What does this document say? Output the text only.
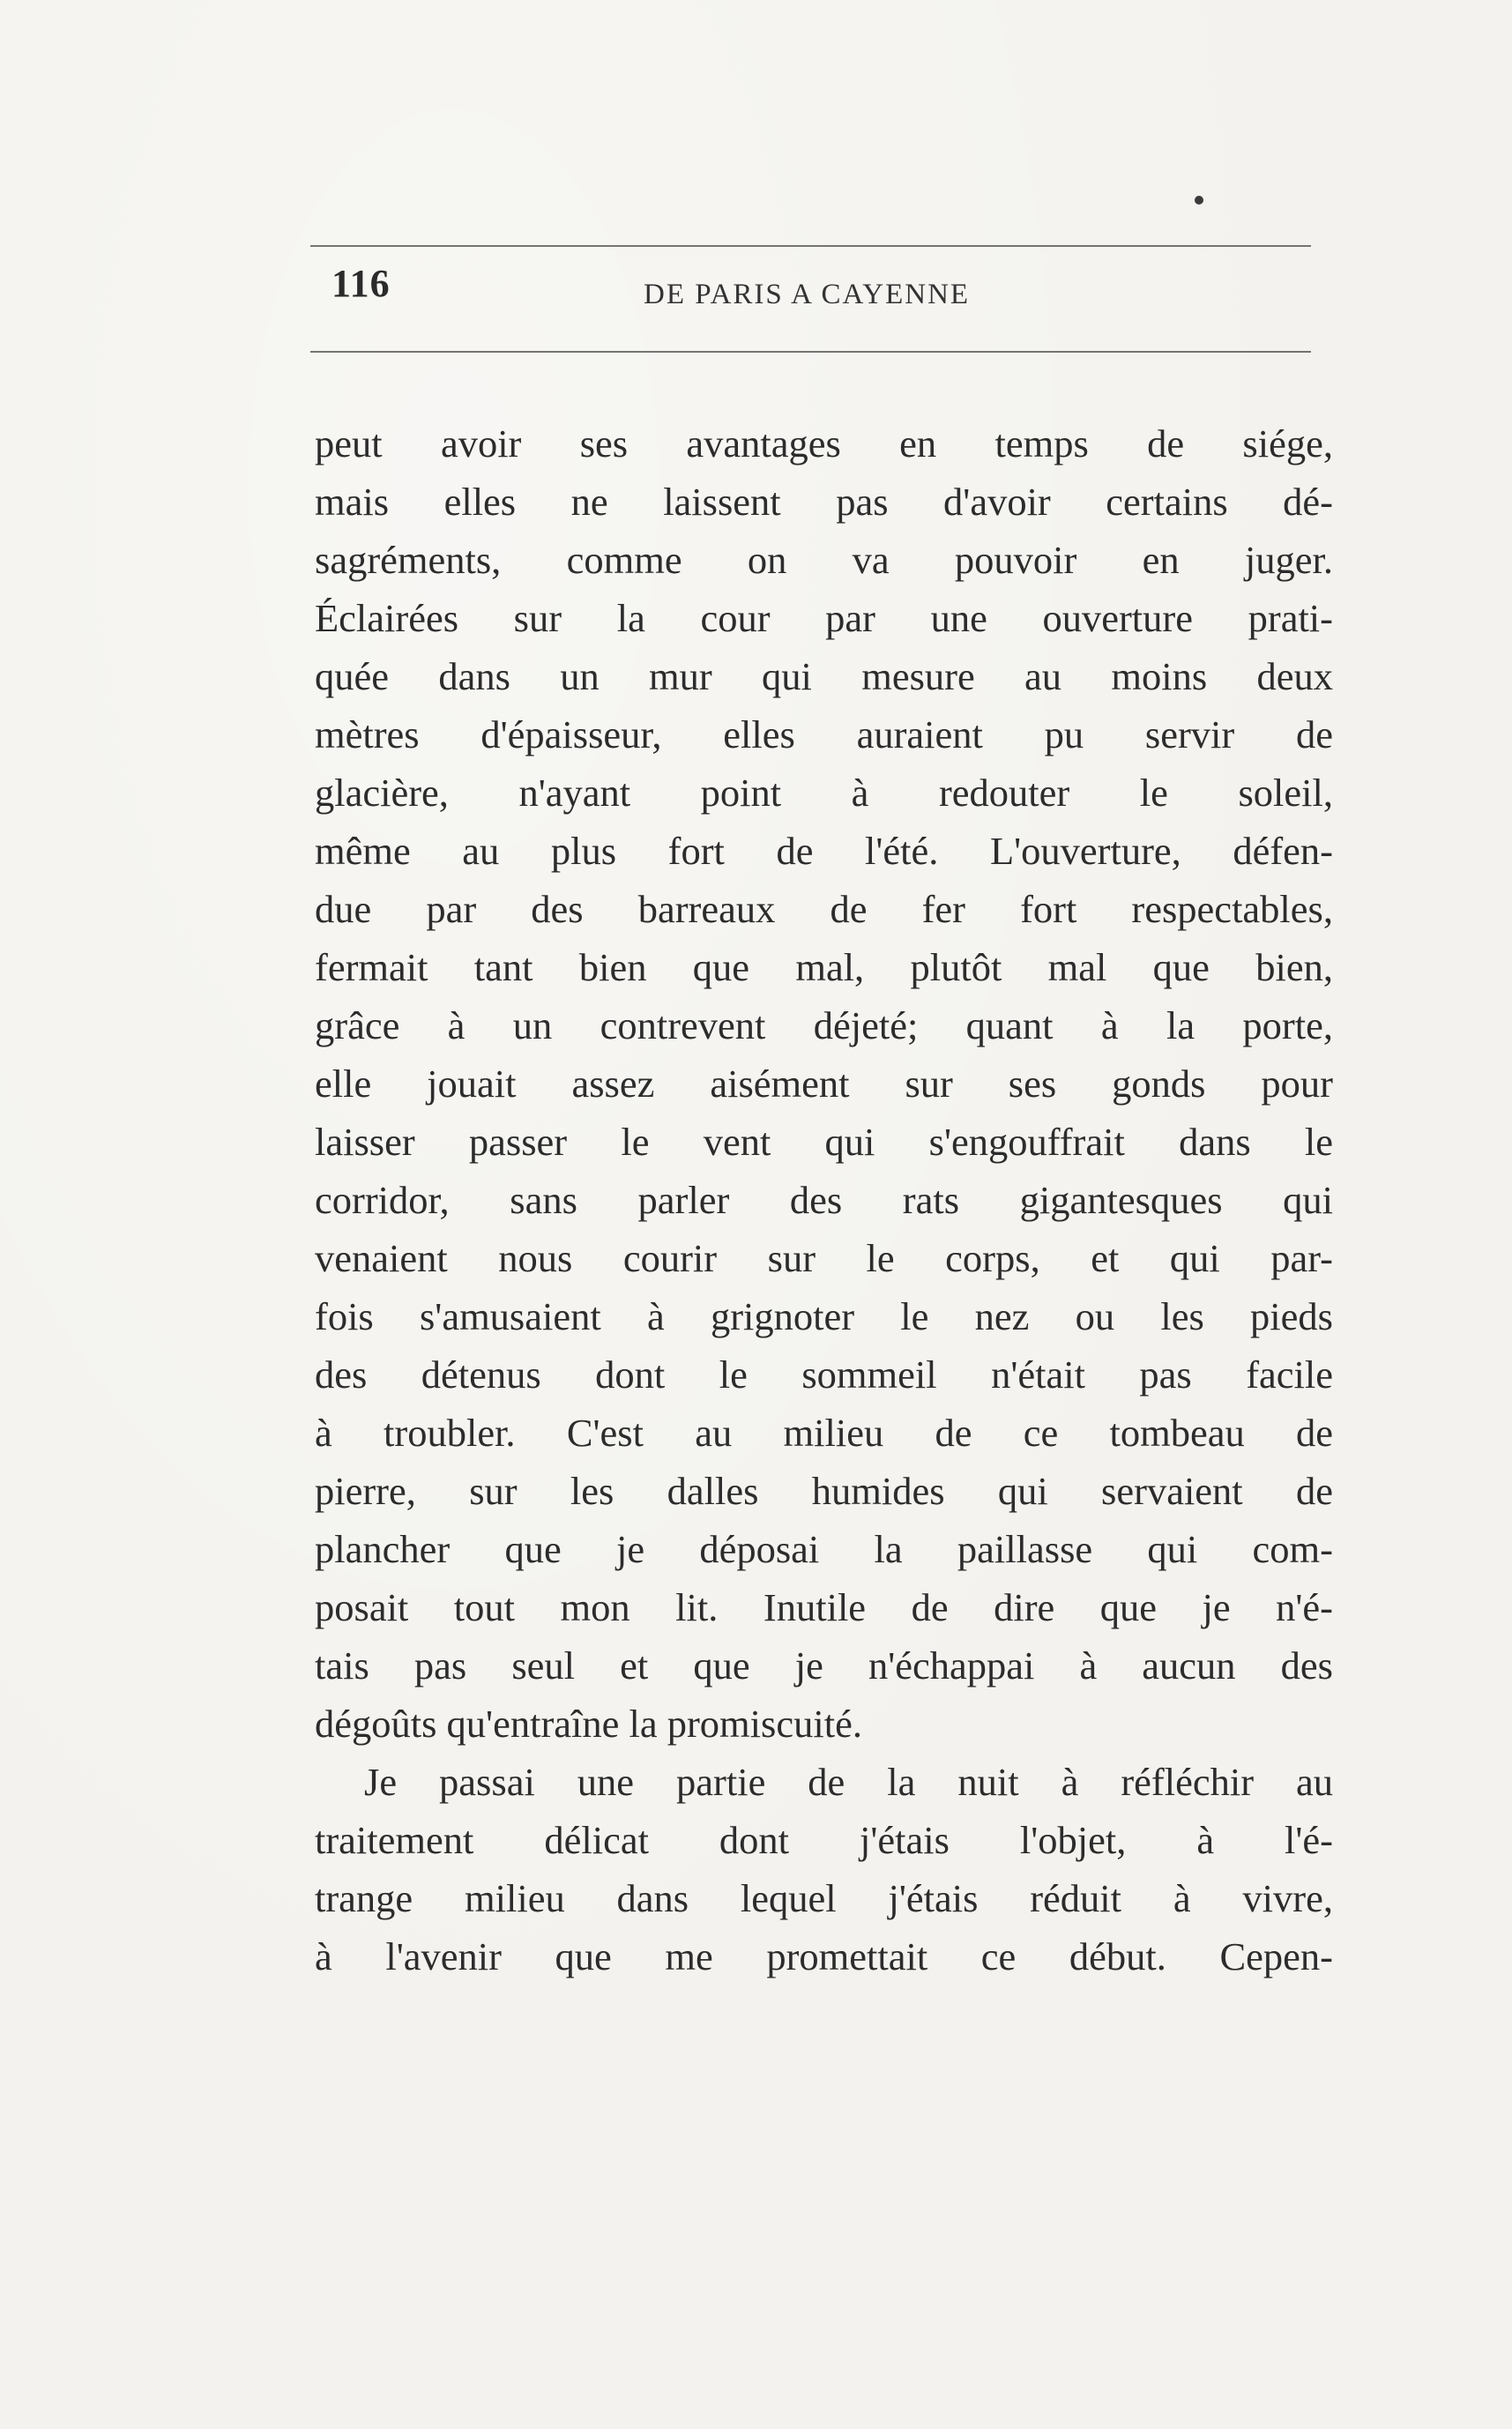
116	DE PARIS A CAYENNE
peut avoir ses avantages en temps de siége,
mais elles ne laissent pas d'avoir certains dé-
sagréments, comme on va pouvoir en juger.
Éclairées sur la cour par une ouverture prati-
quée dans un mur qui mesure au moins deux
mètres d'épaisseur, elles auraient pu servir de
glacière, n'ayant point à redouter le soleil,
même au plus fort de l'été. L'ouverture, défen-
due par des barreaux de fer fort respectables,
fermait tant bien que mal, plutôt mal que bien,
grâce à un contrevent déjeté; quant à la porte,
elle jouait assez aisément sur ses gonds pour
laisser passer le vent qui s'engouffrait dans le
corridor, sans parler des rats gigantesques qui
venaient nous courir sur le corps, et qui par-
fois s'amusaient à grignoter le nez ou les pieds
des détenus dont le sommeil n'était pas facile
à troubler. C'est au milieu de ce tombeau de
pierre, sur les dalles humides qui servaient de
plancher que je déposai la paillasse qui com-
posait tout mon lit. Inutile de dire que je n'é-
tais pas seul et que je n'échappai à aucun des
dégoûts qu'entraîne la promiscuité.
Je passai une partie de la nuit à réfléchir au
traitement délicat dont j'étais l'objet, à l'é-
trange milieu dans lequel j'étais réduit à vivre,
à l'avenir que me promettait ce début. Cepen-
